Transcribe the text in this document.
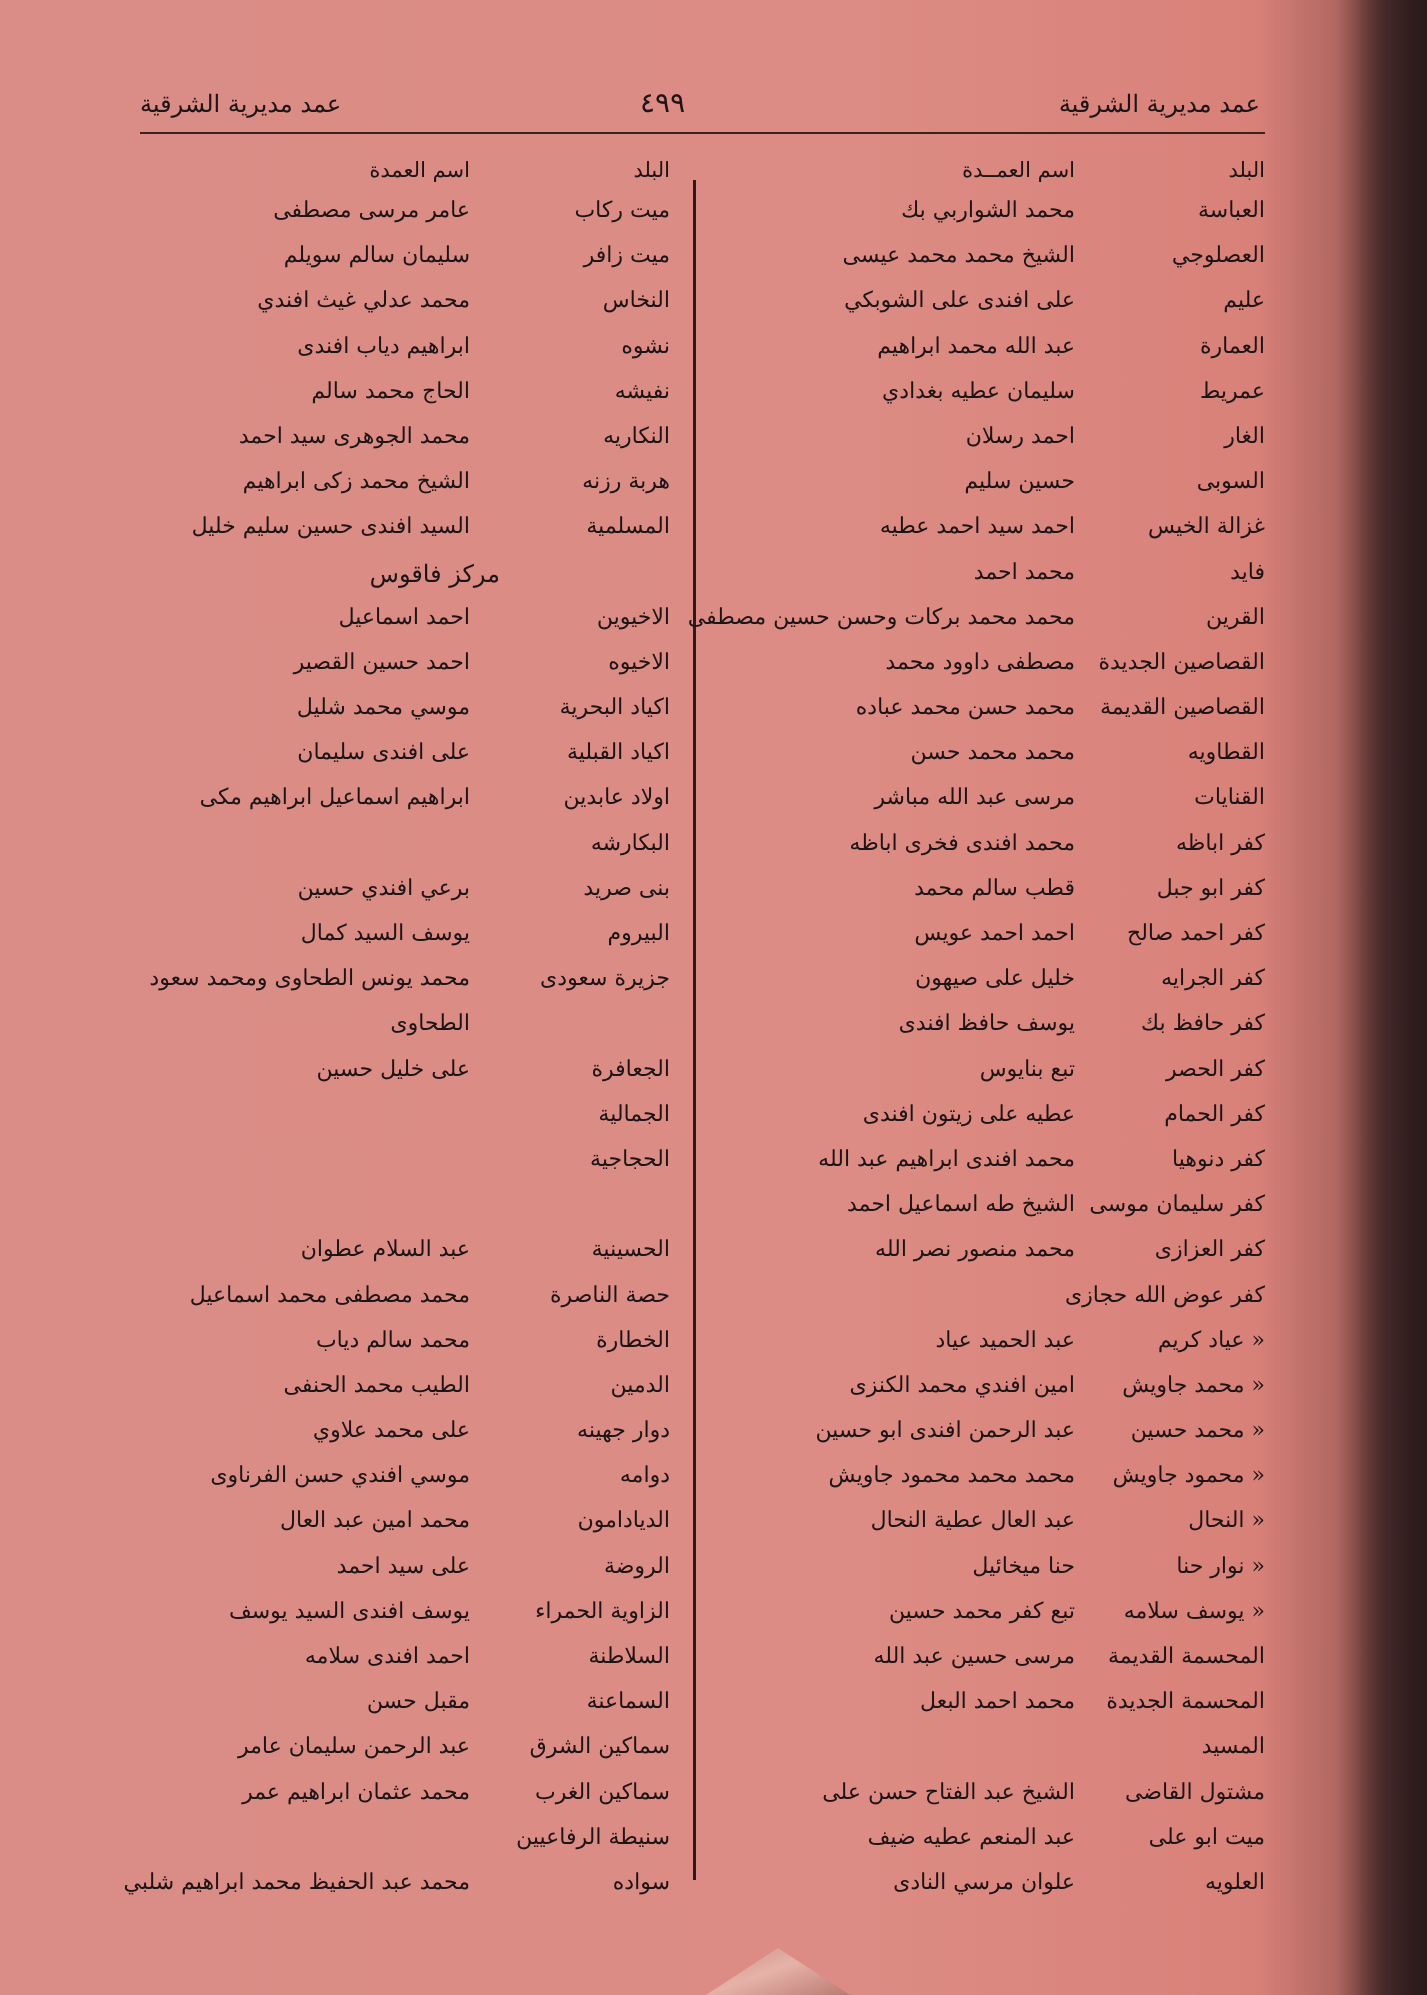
عمد مديرية الشرقية
٤٩٩
عمد مديرية الشرقية
البلد
اسم العمــدة
العباسة
محمد الشواربي بك
العصلوجي
الشيخ محمد محمد عيسى
عليم
على افندى على الشوبكي
العمارة
عبد الله محمد ابراهيم
عمريط
سليمان عطيه بغدادي
الغار
احمد رسلان
السوبى
حسين سليم
غزالة الخيس
احمد سيد احمد عطيه
فايد
محمد احمد
القرين
محمد محمد بركات وحسن حسين مصطفى
القصاصين الجديدة
مصطفى داوود محمد
القصاصين القديمة
محمد حسن محمد عباده
القطاويه
محمد محمد حسن
القنايات
مرسى عبد الله مباشر
كفر اباظه
محمد افندى فخرى اباظه
كفر ابو جبل
قطب سالم محمد
كفر احمد صالح
احمد احمد عويس
كفر الجرايه
خليل على صيهون
كفر حافظ بك
يوسف حافظ افندى
كفر الحصر
تبع بنايوس
كفر الحمام
عطيه على زيتون افندى
كفر دنوهيا
محمد افندى ابراهيم عبد الله
كفر سليمان موسى
الشيخ طه اسماعيل احمد
كفر العزازى
محمد منصور نصر الله
كفر عوض الله حجازى
« عياد كريم
عبد الحميد عياد
« محمد جاويش
امين افندي محمد الكنزى
« محمد حسين
عبد الرحمن افندى ابو حسين
« محمود جاويش
محمد محمد محمود جاويش
« النحال
عبد العال عطية النحال
« نوار حنا
حنا ميخائيل
« يوسف سلامه
تبع كفر محمد حسين
المحسمة القديمة
مرسى حسين عبد الله
المحسمة الجديدة
محمد احمد البعل
المسيد
مشتول القاضى
الشيخ عبد الفتاح حسن على
ميت ابو على
عبد المنعم عطيه ضيف
العلويه
علوان مرسي النادى
البلد
اسم العمدة
ميت ركاب
عامر مرسى مصطفى
ميت زافر
سليمان سالم سويلم
النخاس
محمد عدلي غيث افندي
نشوه
ابراهيم دياب افندى
نفيشه
الحاج محمد سالم
النكاريه
محمد الجوهرى سيد احمد
هربة رزنه
الشيخ محمد زكى ابراهيم
المسلمية
السيد افندى حسين سليم خليل
مركز فاقوس
الاخيوين
احمد اسماعيل
الاخيوه
احمد حسين القصير
اكياد البحرية
موسي محمد شليل
اكياد القبلية
على افندى سليمان
اولاد عابدين
ابراهيم اسماعيل ابراهيم مكى
البكارشه
بنى صريد
برعي افندي حسين
البيروم
يوسف السيد كمال
جزيرة سعودى
محمد يونس الطحاوى ومحمد سعود
الطحاوى
الجعافرة
على خليل حسين
الجمالية
الحجاجية
الحسينية
عبد السلام عطوان
حصة الناصرة
محمد مصطفى محمد اسماعيل
الخطارة
محمد سالم دياب
الدمين
الطيب محمد الحنفى
دوار جهينه
على محمد علاوي
دوامه
موسي افندي حسن الفرناوى
الديادامون
محمد امين عبد العال
الروضة
على سيد احمد
الزاوية الحمراء
يوسف افندى السيد يوسف
السلاطنة
احمد افندى سلامه
السماعنة
مقبل حسن
سماكين الشرق
عبد الرحمن سليمان عامر
سماكين الغرب
محمد عثمان ابراهيم عمر
سنيطة الرفاعيين
سواده
محمد عبد الحفيظ محمد ابراهيم شلبي
